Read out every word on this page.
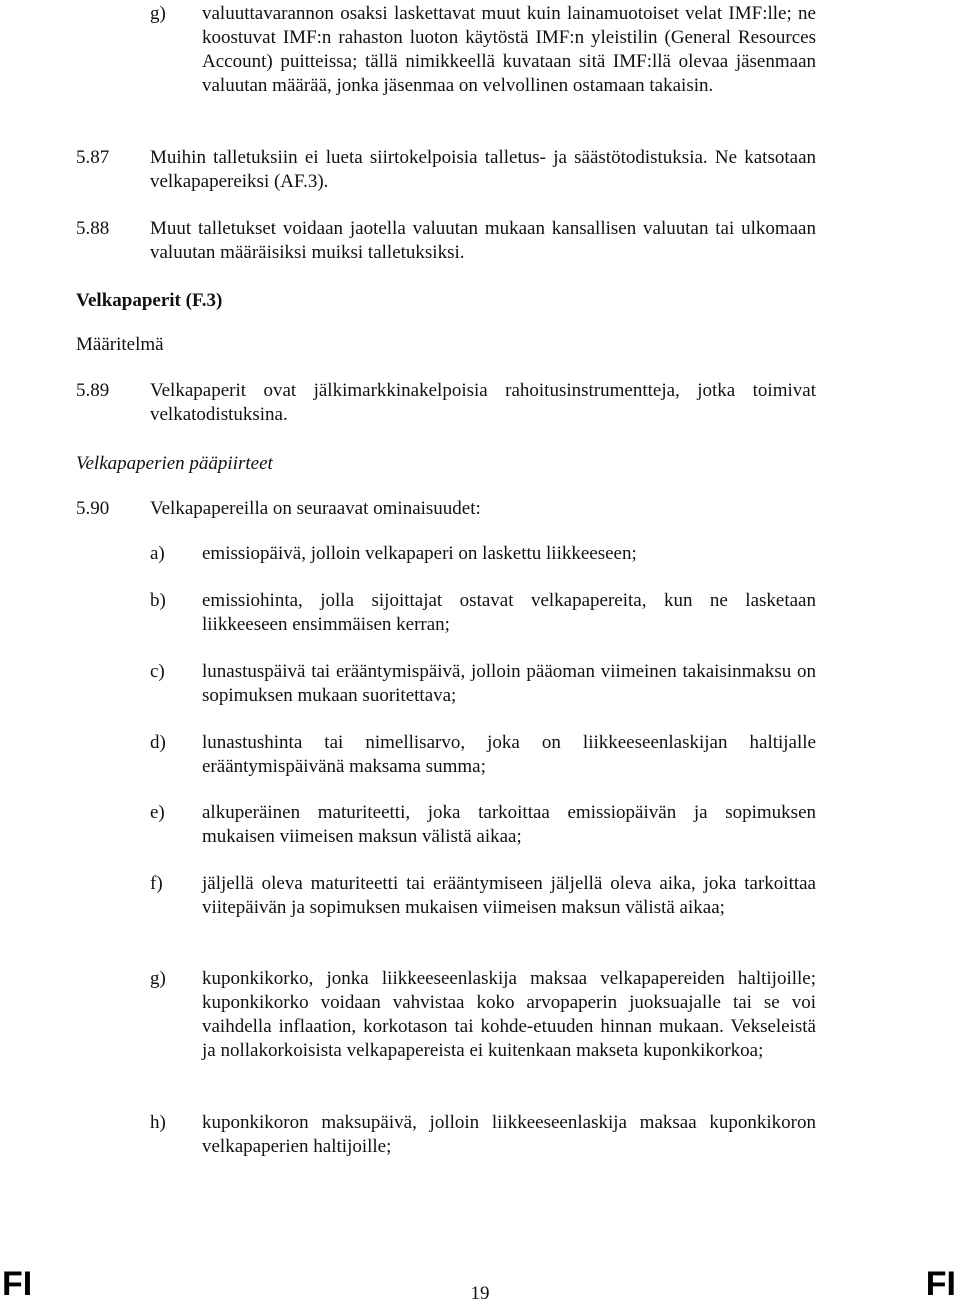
g) valuuttavarannon osaksi laskettavat muut kuin lainamuotoiset velat IMF:lle; ne koostuvat IMF:n rahaston luoton käytöstä IMF:n yleistilin (General Resources Account) puitteissa; tällä nimikkeellä kuvataan sitä IMF:llä olevaa jäsenmaan valuutan määrää, jonka jäsenmaa on velvollinen ostamaan takaisin.
5.87 Muihin talletuksiin ei lueta siirtokelpoisia talletus- ja säästötodistuksia. Ne katsotaan velkapapereiksi (AF.3).
5.88 Muut talletukset voidaan jaotella valuutan mukaan kansallisen valuutan tai ulkomaan valuutan määräisiksi muiksi talletuksiksi.
Velkapaperit (F.3)
Määritelmä
5.89 Velkapaperit ovat jälkimarkkinakelpoisia rahoitusinstrumentteja, jotka toimivat velkatodistuksina.
Velkapaperien pääpiirteet
5.90 Velkapapereilla on seuraavat ominaisuudet:
a) emissiopäivä, jolloin velkapaperi on laskettu liikkeeseen;
b) emissiohinta, jolla sijoittajat ostavat velkapapereita, kun ne lasketaan liikkeeseen ensimmäisen kerran;
c) lunastuspäivä tai erääntymispäivä, jolloin pääoman viimeinen takaisinmaksu on sopimuksen mukaan suoritettava;
d) lunastushinta tai nimellisarvo, joka on liikkeeseenlaskijan haltijalle erääntymispäivänä maksama summa;
e) alkuperäinen maturiteetti, joka tarkoittaa emissiopäivän ja sopimuksen mukaisen viimeisen maksun välistä aikaa;
f) jäljellä oleva maturiteetti tai erääntymiseen jäljellä oleva aika, joka tarkoittaa viitepäivän ja sopimuksen mukaisen viimeisen maksun välistä aikaa;
g) kuponkikorko, jonka liikkeeseenlaskija maksaa velkapapereiden haltijoille; kuponkikorko voidaan vahvistaa koko arvopaperin juoksuajalle tai se voi vaihdella inflaation, korkotason tai kohde-etuuden hinnan mukaan. Vekseleistä ja nollakorkoisista velkapapereista ei kuitenkaan makseta kuponkikorkoa;
h) kuponkikoron maksupäivä, jolloin liikkeeseenlaskija maksaa kuponkikoron velkapaperien haltijoille;
FI	19	FI
